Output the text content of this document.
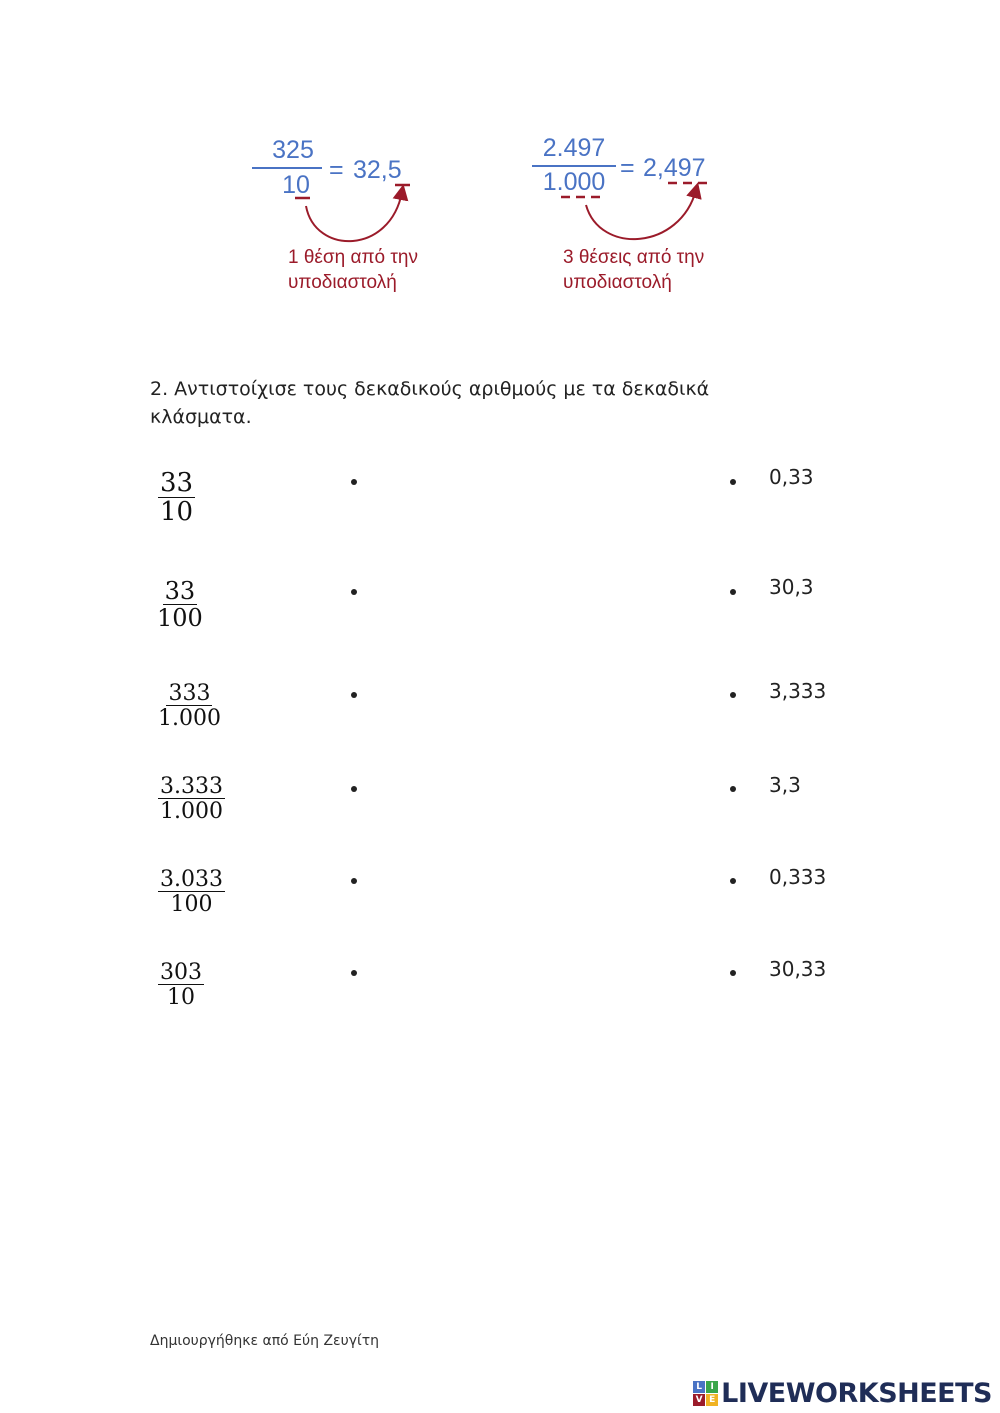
325
10
= 32,5
1 θέση από την
υποδιαστολή
2.497
1.000 = 2,497
3 θέσεις από την
υποδιαστολή
2. Αντιστοίχισε τους δεκαδικούς αριθμούς με τα δεκαδικά
κλάσματα.
$\frac{33}{10}$	0,33
$\frac{33}{100}$	30,3
$\frac{333}{1.000}$	3,333
$\frac{3.333}{1.000}$	3,3
$\frac{3.033}{100}$	0,333
$\frac{303}{10}$	30,33
Δημιουργήθηκε από Εύη Ζευγίτη
L I
V E LIVEWORKSHEETS
